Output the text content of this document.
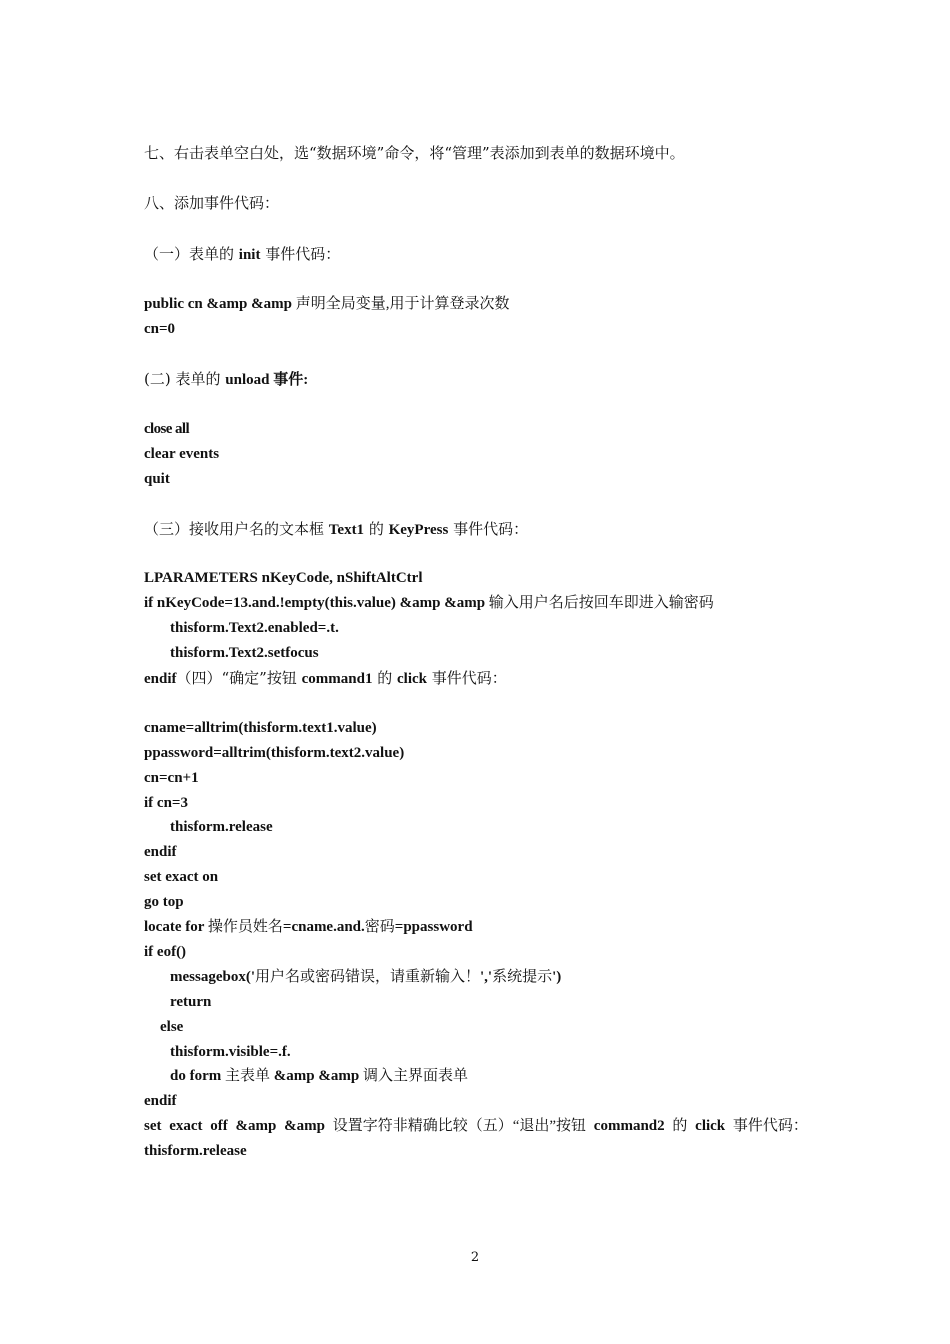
七、右击表单空白处，选“数据环境”命令，将“管理”表添加到表单的数据环境中。
八、添加事件代码：
（一）表单的 init 事件代码：
public cn &amp &amp 声明全局变量,用于计算登录次数
cn=0
(二) 表单的 unload 事件:
close all
clear events
quit
（三）接收用户名的文本框 Text1 的 KeyPress 事件代码：
LPARAMETERS nKeyCode, nShiftAltCtrl
if nKeyCode=13.and.!empty(this.value) &amp &amp 输入用户名后按回车即进入输密码
thisform.Text2.enabled=.t.
thisform.Text2.setfocus
endif（四）“确定”按钮 command1 的 click 事件代码：
cname=alltrim(thisform.text1.value)
ppassword=alltrim(thisform.text2.value)
cn=cn+1
if cn=3
thisform.release
endif
set exact on
go top
locate for 操作员姓名=cname.and.密码=ppassword
if eof()
messagebox('用户名或密码错误，请重新输入！','系统提示')
return
else
thisform.visible=.f.
do form 主表单 &amp &amp 调入主界面表单
endif
set exact off &amp &amp 设置字符非精确比较（五）“退出”按钮 command2 的 click 事件代码：
thisform.release
2
